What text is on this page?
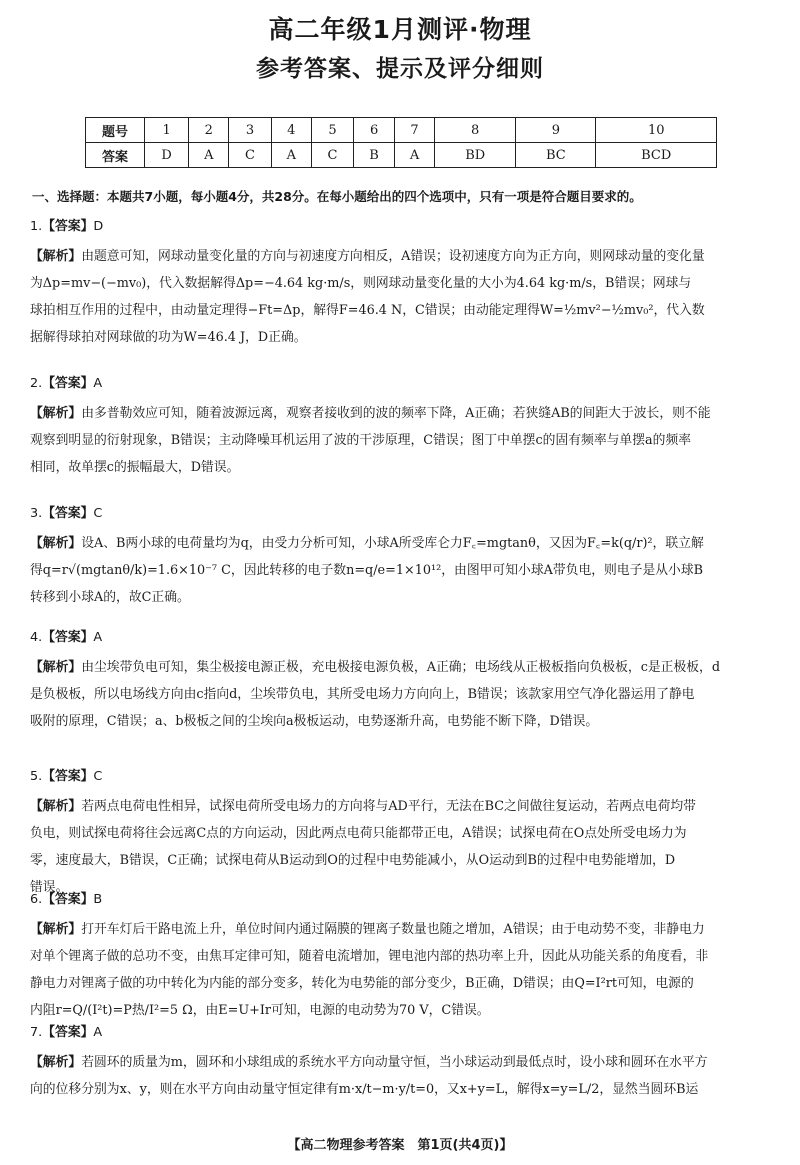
高二年级1月测评·物理
参考答案、提示及评分细则
题号	1	2	3	4	5	6	7	8	9	10
答案	D	A	C	A	C	B	A	BD	BC	BCD
一、选择题：本题共7小题，每小题4分，共28分。在每小题给出的四个选项中，只有一项是符合题目要求的。
1.【答案】D
【解析】由题意可知，网球动量变化量的方向与初速度方向相反，A错误；设初速度方向为正方向，则网球动量的变化量
为Δp=mv−(−mv₀)，代入数据解得Δp=−4.64 kg·m/s，则网球动量变化量的大小为4.64 kg·m/s，B错误；网球与
球拍相互作用的过程中，由动量定理得−Ft=Δp，解得F=46.4 N，C错误；由动能定理得W=½mv²−½mv₀²，代入数
据解得球拍对网球做的功为W=46.4 J，D正确。
2.【答案】A
【解析】由多普勒效应可知，随着波源远离，观察者接收到的波的频率下降，A正确；若狭缝AB的间距大于波长，则不能
观察到明显的衍射现象，B错误；主动降噪耳机运用了波的干涉原理，C错误；图丁中单摆c的固有频率与单摆a的频率
相同，故单摆c的振幅最大，D错误。
3.【答案】C
【解析】设A、B两小球的电荷量均为q，由受力分析可知，小球A所受库仑力F꜀=mgtanθ，又因为F꜀=k(q/r)²，联立解
得q=r√(mgtanθ/k)=1.6×10⁻⁷ C，因此转移的电子数n=q/e=1×10¹²，由图甲可知小球A带负电，则电子是从小球B
转移到小球A的，故C正确。
4.【答案】A
【解析】由尘埃带负电可知，集尘极接电源正极，充电极接电源负极，A正确；电场线从正极板指向负极板，c是正极板，d
是负极板，所以电场线方向由c指向d，尘埃带负电，其所受电场力方向向上，B错误；该款家用空气净化器运用了静电
吸附的原理，C错误；a、b极板之间的尘埃向a极板运动，电势逐渐升高，电势能不断下降，D错误。
5.【答案】C
【解析】若两点电荷电性相异，试探电荷所受电场力的方向将与AD平行，无法在BC之间做往复运动，若两点电荷均带
负电，则试探电荷将往会远离C点的方向运动，因此两点电荷只能都带正电，A错误；试探电荷在O点处所受电场力为
零，速度最大，B错误，C正确；试探电荷从B运动到O的过程中电势能减小，从O运动到B的过程中电势能增加，D
错误。
6.【答案】B
【解析】打开车灯后干路电流上升，单位时间内通过隔膜的锂离子数量也随之增加，A错误；由于电动势不变，非静电力
对单个锂离子做的总功不变，由焦耳定律可知，随着电流增加，锂电池内部的热功率上升，因此从功能关系的角度看，非
静电力对锂离子做的功中转化为内能的部分变多，转化为电势能的部分变少，B正确，D错误；由Q=I²rt可知，电源的
内阻r=Q/(I²t)=P热/I²=5 Ω，由E=U+Ir可知，电源的电动势为70 V，C错误。
7.【答案】A
【解析】若圆环的质量为m，圆环和小球组成的系统水平方向动量守恒，当小球运动到最低点时，设小球和圆环在水平方
向的位移分别为x、y，则在水平方向由动量守恒定律有m·x/t−m·y/t=0，又x+y=L，解得x=y=L/2，显然当圆环B运
【高二物理参考答案　第1页(共4页)】
